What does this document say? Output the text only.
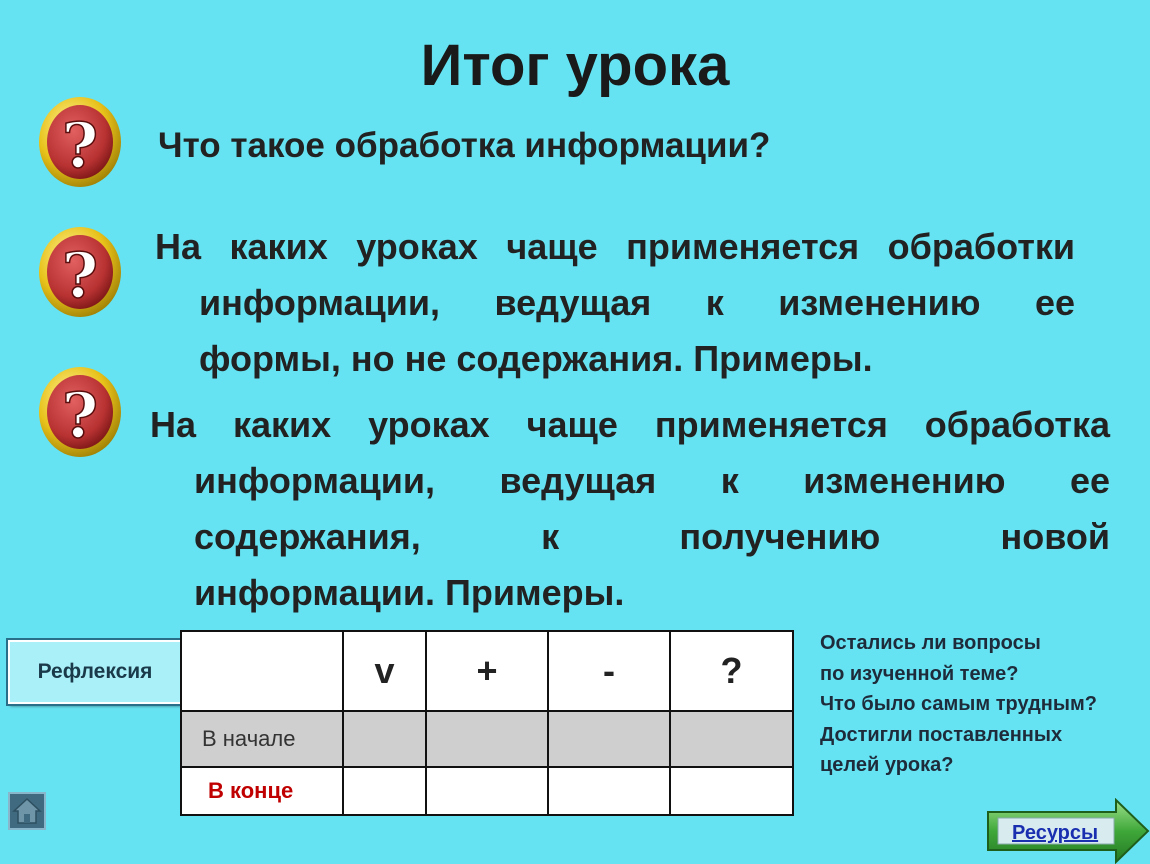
Итог урока
?
?
?
Что такое обработка информации?
На каких уроках чаще применяется обработки
информации, ведущая к изменению ее
формы, но не содержания. Примеры.
На каких уроках чаще применяется обработка
информации, ведущая к изменению ее
содержания, к получению новой
информации. Примеры.
Рефлексия
		v	+	-	?
В начале				
В конце				
Остались ли вопросы
по изученной теме?
Что было самым трудным?
Достигли поставленных
целей урока?
Ресурсы
